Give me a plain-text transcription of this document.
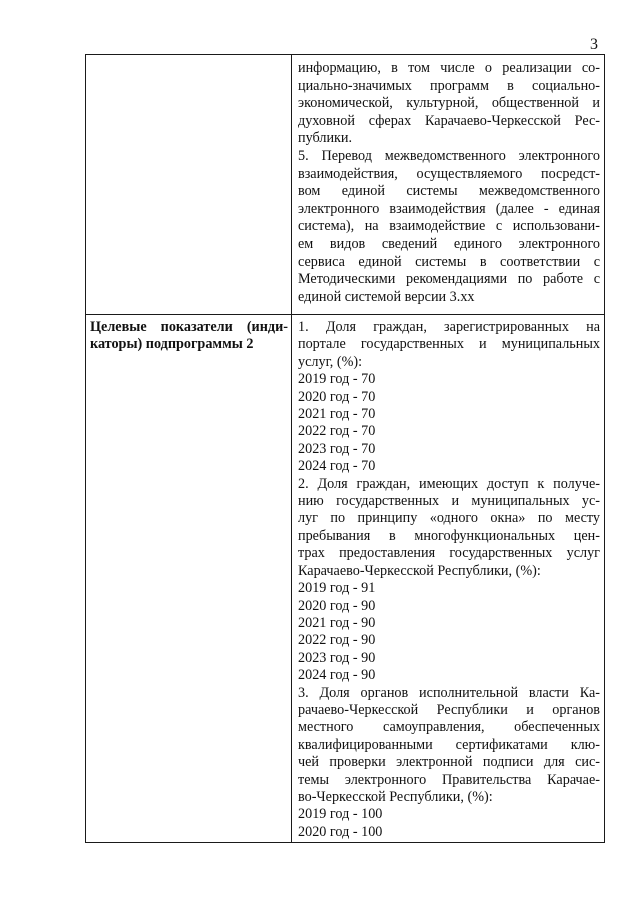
3
информацию, в том числе о реализации со-
циально-значимых программ в социально-
экономической, культурной, общественной и
духовной сферах Карачаево-Черкесской Рес-
публики.
5. Перевод межведомственного электронного
взаимодействия, осуществляемого посредст-
вом единой системы межведомственного
электронного взаимодействия (далее - единая
система), на взаимодействие с использовани-
ем видов сведений единого электронного
сервиса единой системы в соответствии с
Методическими рекомендациями по работе с
единой системой версии 3.хх
Целевые показатели (инди-
каторы) подпрограммы 2
1. Доля граждан, зарегистрированных на
портале государственных и муниципальных
услуг, (%):
2019 год - 70
2020 год - 70
2021 год - 70
2022 год - 70
2023 год - 70
2024 год - 70
2. Доля граждан, имеющих доступ к получе-
нию государственных и муниципальных ус-
луг по принципу «одного окна» по месту
пребывания в многофункциональных цен-
трах предоставления государственных услуг
Карачаево-Черкесской Республики, (%):
2019 год - 91
2020 год - 90
2021 год - 90
2022 год - 90
2023 год - 90
2024 год - 90
3. Доля органов исполнительной власти Ка-
рачаево-Черкесской Республики и органов
местного самоуправления, обеспеченных
квалифицированными сертификатами клю-
чей проверки электронной подписи для сис-
темы электронного Правительства Карачае-
во-Черкесской Республики, (%):
2019 год - 100
2020 год - 100
